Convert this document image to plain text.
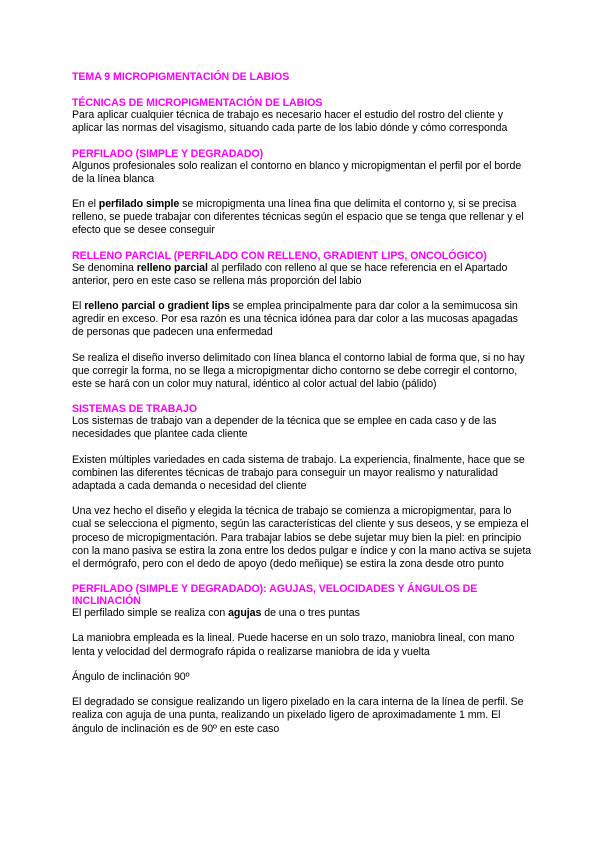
TEMA 9 MICROPIGMENTACIÓN DE LABIOS
TÉCNICAS DE MICROPIGMENTACIÓN DE LABIOS

Para aplicar cualquier técnica de trabajo es necesario hacer el estudio del rostro del cliente y aplicar las normas del visagismo, situando cada parte de los labio dónde y cómo corresponda

PERFILADO (SIMPLE Y DEGRADADO)

Algunos profesionales solo realizan el contorno en blanco y micropigmentan el perfil por el borde de la línea blanca

En el perfilado simple se micropigmenta una línea fina que delimita el contorno y, si se precisa relleno, se puede trabajar con diferentes técnicas según el espacio que se tenga que rellenar y el efecto que se desee conseguir

RELLENO PARCIAL (PERFILADO CON RELLENO, GRADIENT LIPS, ONCOLÓGICO)

Se denomina relleno parcial al perfilado con relleno al que se hace referencia en el Apartado anterior, pero en este caso se rellena más proporción del labio

El relleno parcial o gradient lips se emplea principalmente para dar color a la semimucosa sin agredir en exceso. Por esa razón es una técnica idónea para dar color a las mucosas apagadas de personas que padecen una enfermedad

Se realiza el diseño inverso delimitado con línea blanca el contorno labial de forma que, si no hay que corregir la forma, no se llega a micropigmentar dicho contorno se debe corregir el contorno, este se hará con un color muy natural, idéntico al color actual del labio (pálido)

SISTEMAS DE TRABAJO

Los sistemas de trabajo van a depender de la técnica que se emplee en cada caso y de las necesidades que plantee cada cliente

Existen múltiples variedades en cada sistema de trabajo. La experiencia, finalmente, hace que se combinen las diferentes técnicas de trabajo para conseguir un mayor realismo y naturalidad adaptada a cada demanda o necesidad del cliente

Una vez hecho el diseño y elegida la técnica de trabajo se comienza a micropigmentar, para lo cual se selecciona el pigmento, según las características del cliente y sus deseos, y se empieza el proceso de micropigmentación. Para trabajar labios se debe sujetar muy bien la piel: en principio con la mano pasiva se estira la zona entre los dedos pulgar e índice y con la mano activa se sujeta el dermógrafo, pero con el dedo de apoyo (dedo meñique) se estira la zona desde otro punto

PERFILADO (SIMPLE Y DEGRADADO): AGUJAS, VELOCIDADES Y ÁNGULOS DE INCLINACIÓN

El perfilado simple se realiza con agujas de una o tres puntas

La maniobra empleada es la lineal. Puede hacerse en un solo trazo, maniobra lineal, con mano lenta y velocidad del dermografo rápida o realizarse maniobra de ida y vuelta

Ángulo de inclinación 90º

El degradado se consigue realizando un ligero pixelado en la cara interna de la línea de perfil. Se realiza con aguja de una punta, realizando un pixelado ligero de aproximadamente 1 mm. El ángulo de inclinación es de 90º en este caso
